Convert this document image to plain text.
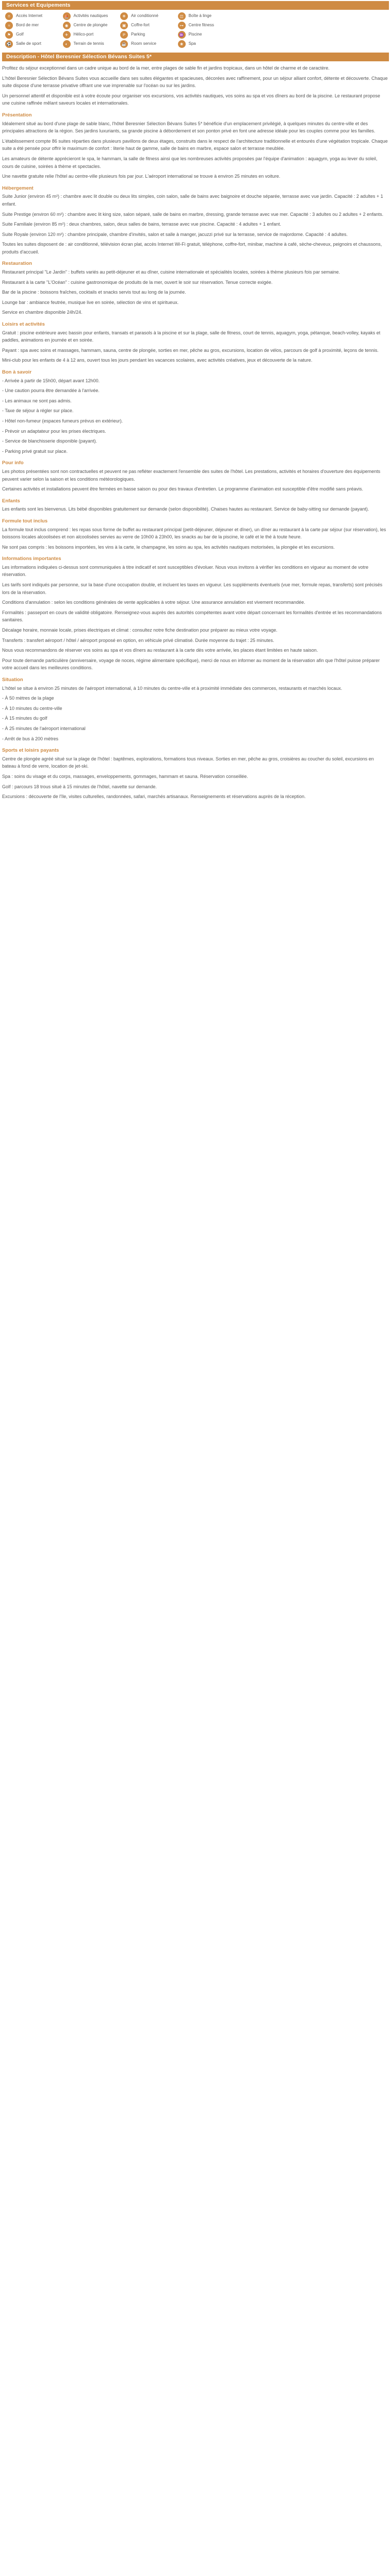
Services et Equipements
⌾	Accès Internet	⛵	Activités nautiques	❄	Air conditionné	◫	Boîte à linge
≈	Bord de mer	◉	Centre de plongée	▣	Coffre-fort	⊶	Centre fitness
⚑	Golf	✈	Hélico-port	P	Parking	♒	Piscine
⚽	Salle de sport	◐	Terrain de tennis	☕	Room service	❀	Spa
Description - Hôtel Beresnier Sélection Bévans Suites 5*

Profitez du séjour exceptionnel dans un cadre unique au bord de la mer, entre plages de sable fin et jardins tropicaux, dans un hôtel de charme et de caractère.

L'hôtel Beresnier Sélection Bévans Suites vous accueille dans ses suites élégantes et spacieuses, décorées avec raffinement, pour un séjour alliant confort, détente et découverte. Chaque suite dispose d'une terrasse privative offrant une vue imprenable sur l'océan ou sur les jardins.

Un personnel attentif et disponible est à votre écoute pour organiser vos excursions, vos activités nautiques, vos soins au spa et vos dîners au bord de la piscine. Le restaurant propose une cuisine raffinée mêlant saveurs locales et internationales.

Présentation

Idéalement situé au bord d'une plage de sable blanc, l'hôtel Beresnier Sélection Bévans Suites 5* bénéficie d'un emplacement privilégié, à quelques minutes du centre-ville et des principales attractions de la région. Ses jardins luxuriants, sa grande piscine à débordement et son ponton privé en font une adresse idéale pour les couples comme pour les familles.

L'établissement compte 86 suites réparties dans plusieurs pavillons de deux étages, construits dans le respect de l'architecture traditionnelle et entourés d'une végétation tropicale. Chaque suite a été pensée pour offrir le maximum de confort : literie haut de gamme, salle de bains en marbre, espace salon et terrasse meublée.

Les amateurs de détente apprécieront le spa, le hammam, la salle de fitness ainsi que les nombreuses activités proposées par l'équipe d'animation : aquagym, yoga au lever du soleil, cours de cuisine, soirées à thème et spectacles.

Une navette gratuite relie l'hôtel au centre-ville plusieurs fois par jour. L'aéroport international se trouve à environ 25 minutes en voiture.

Hébergement

Suite Junior (environ 45 m²) : chambre avec lit double ou deux lits simples, coin salon, salle de bains avec baignoire et douche séparée, terrasse avec vue jardin. Capacité : 2 adultes + 1 enfant.

Suite Prestige (environ 60 m²) : chambre avec lit king size, salon séparé, salle de bains en marbre, dressing, grande terrasse avec vue mer. Capacité : 3 adultes ou 2 adultes + 2 enfants.

Suite Familiale (environ 85 m²) : deux chambres, salon, deux salles de bains, terrasse avec vue piscine. Capacité : 4 adultes + 1 enfant.

Suite Royale (environ 120 m²) : chambre principale, chambre d'invités, salon et salle à manger, jacuzzi privé sur la terrasse, service de majordome. Capacité : 4 adultes.

Toutes les suites disposent de : air conditionné, télévision écran plat, accès Internet Wi-Fi gratuit, téléphone, coffre-fort, minibar, machine à café, sèche-cheveux, peignoirs et chaussons, produits d'accueil.

Restauration

Restaurant principal "Le Jardin" : buffets variés au petit-déjeuner et au dîner, cuisine internationale et spécialités locales, soirées à thème plusieurs fois par semaine.

Restaurant à la carte "L'Océan" : cuisine gastronomique de produits de la mer, ouvert le soir sur réservation. Tenue correcte exigée.

Bar de la piscine : boissons fraîches, cocktails et snacks servis tout au long de la journée.

Lounge bar : ambiance feutrée, musique live en soirée, sélection de vins et spiritueux.

Service en chambre disponible 24h/24.

Loisirs et activités

Gratuit : piscine extérieure avec bassin pour enfants, transats et parasols à la piscine et sur la plage, salle de fitness, court de tennis, aquagym, yoga, pétanque, beach-volley, kayaks et paddles, animations en journée et en soirée.

Payant : spa avec soins et massages, hammam, sauna, centre de plongée, sorties en mer, pêche au gros, excursions, location de vélos, parcours de golf à proximité, leçons de tennis.

Mini-club pour les enfants de 4 à 12 ans, ouvert tous les jours pendant les vacances scolaires, avec activités créatives, jeux et découverte de la nature.

Bon à savoir

- Arrivée à partir de 15h00, départ avant 12h00.

- Une caution pourra être demandée à l'arrivée.

- Les animaux ne sont pas admis.

- Taxe de séjour à régler sur place.

- Hôtel non-fumeur (espaces fumeurs prévus en extérieur).

- Prévoir un adaptateur pour les prises électriques.

- Service de blanchisserie disponible (payant).

- Parking privé gratuit sur place.

Pour info

Les photos présentées sont non contractuelles et peuvent ne pas refléter exactement l'ensemble des suites de l'hôtel. Les prestations, activités et horaires d'ouverture des équipements peuvent varier selon la saison et les conditions météorologiques.

Certaines activités et installations peuvent être fermées en basse saison ou pour des travaux d'entretien. Le programme d'animation est susceptible d'être modifié sans préavis.

Enfants

Les enfants sont les bienvenus. Lits bébé disponibles gratuitement sur demande (selon disponibilité). Chaises hautes au restaurant. Service de baby-sitting sur demande (payant).

Formule tout inclus

La formule tout inclus comprend : les repas sous forme de buffet au restaurant principal (petit-déjeuner, déjeuner et dîner), un dîner au restaurant à la carte par séjour (sur réservation), les boissons locales alcoolisées et non alcoolisées servies au verre de 10h00 à 23h00, les snacks au bar de la piscine, le café et le thé à toute heure.

Ne sont pas compris : les boissons importées, les vins à la carte, le champagne, les soins au spa, les activités nautiques motorisées, la plongée et les excursions.

Informations importantes

Les informations indiquées ci-dessus sont communiquées à titre indicatif et sont susceptibles d'évoluer. Nous vous invitons à vérifier les conditions en vigueur au moment de votre réservation.

Les tarifs sont indiqués par personne, sur la base d'une occupation double, et incluent les taxes en vigueur. Les suppléments éventuels (vue mer, formule repas, transferts) sont précisés lors de la réservation.

Conditions d'annulation : selon les conditions générales de vente applicables à votre séjour. Une assurance annulation est vivement recommandée.

Formalités : passeport en cours de validité obligatoire. Renseignez-vous auprès des autorités compétentes avant votre départ concernant les formalités d'entrée et les recommandations sanitaires.

Décalage horaire, monnaie locale, prises électriques et climat : consultez notre fiche destination pour préparer au mieux votre voyage.

Transferts : transfert aéroport / hôtel / aéroport proposé en option, en véhicule privé climatisé. Durée moyenne du trajet : 25 minutes.

Nous vous recommandons de réserver vos soins au spa et vos dîners au restaurant à la carte dès votre arrivée, les places étant limitées en haute saison.

Pour toute demande particulière (anniversaire, voyage de noces, régime alimentaire spécifique), merci de nous en informer au moment de la réservation afin que l'hôtel puisse préparer votre accueil dans les meilleures conditions.

Situation

L'hôtel se situe à environ 25 minutes de l'aéroport international, à 10 minutes du centre-ville et à proximité immédiate des commerces, restaurants et marchés locaux.

- À 50 mètres de la plage

- À 10 minutes du centre-ville

- À 15 minutes du golf

- À 25 minutes de l'aéroport international

- Arrêt de bus à 200 mètres

Sports et loisirs payants

Centre de plongée agréé situé sur la plage de l'hôtel : baptêmes, explorations, formations tous niveaux. Sorties en mer, pêche au gros, croisières au coucher du soleil, excursions en bateau à fond de verre, location de jet-ski.

Spa : soins du visage et du corps, massages, enveloppements, gommages, hammam et sauna. Réservation conseillée.

Golf : parcours 18 trous situé à 15 minutes de l'hôtel, navette sur demande.

Excursions : découverte de l'île, visites culturelles, randonnées, safari, marchés artisanaux. Renseignements et réservations auprès de la réception.
